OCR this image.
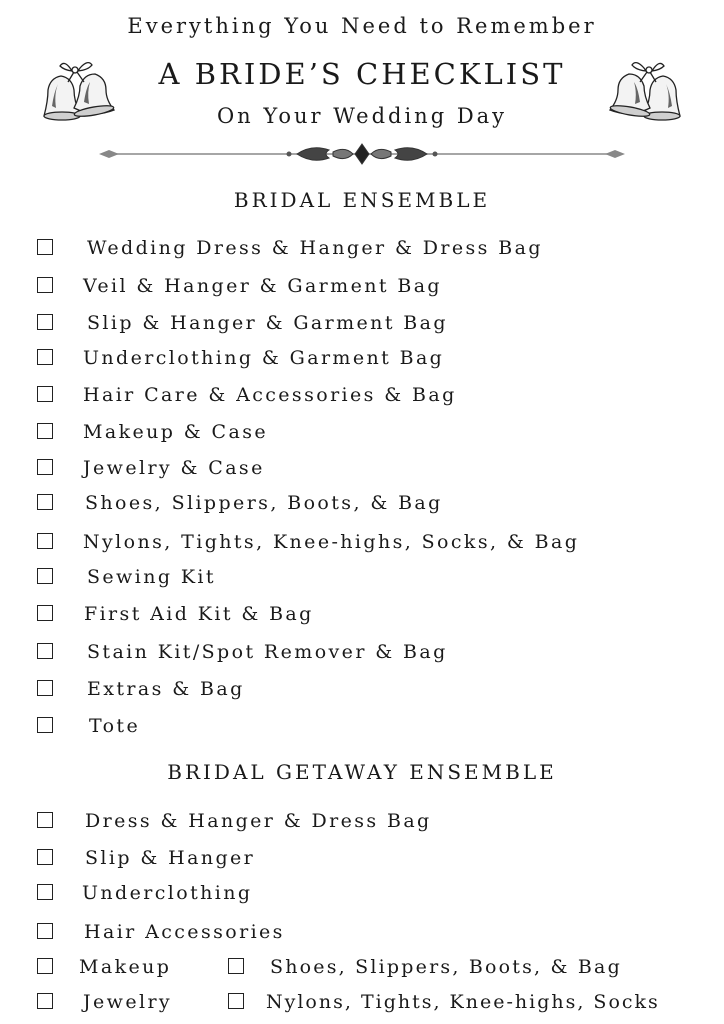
Everything You Need to Remember
A BRIDE’S CHECKLIST
On Your Wedding Day
BRIDAL ENSEMBLE
Wedding Dress & Hanger & Dress Bag
Veil & Hanger & Garment Bag
Slip & Hanger & Garment Bag
Underclothing & Garment Bag
Hair Care & Accessories & Bag
Makeup & Case
Jewelry & Case
Shoes, Slippers, Boots, & Bag
Nylons, Tights, Knee-highs, Socks, & Bag
Sewing Kit
First Aid Kit & Bag
Stain Kit/Spot Remover & Bag
Extras & Bag
Tote
BRIDAL GETAWAY ENSEMBLE
Dress & Hanger & Dress Bag
Slip & Hanger
Underclothing
Hair Accessories
Makeup
Jewelry
Shoes, Slippers, Boots, & Bag
Nylons, Tights, Knee-highs, Socks
